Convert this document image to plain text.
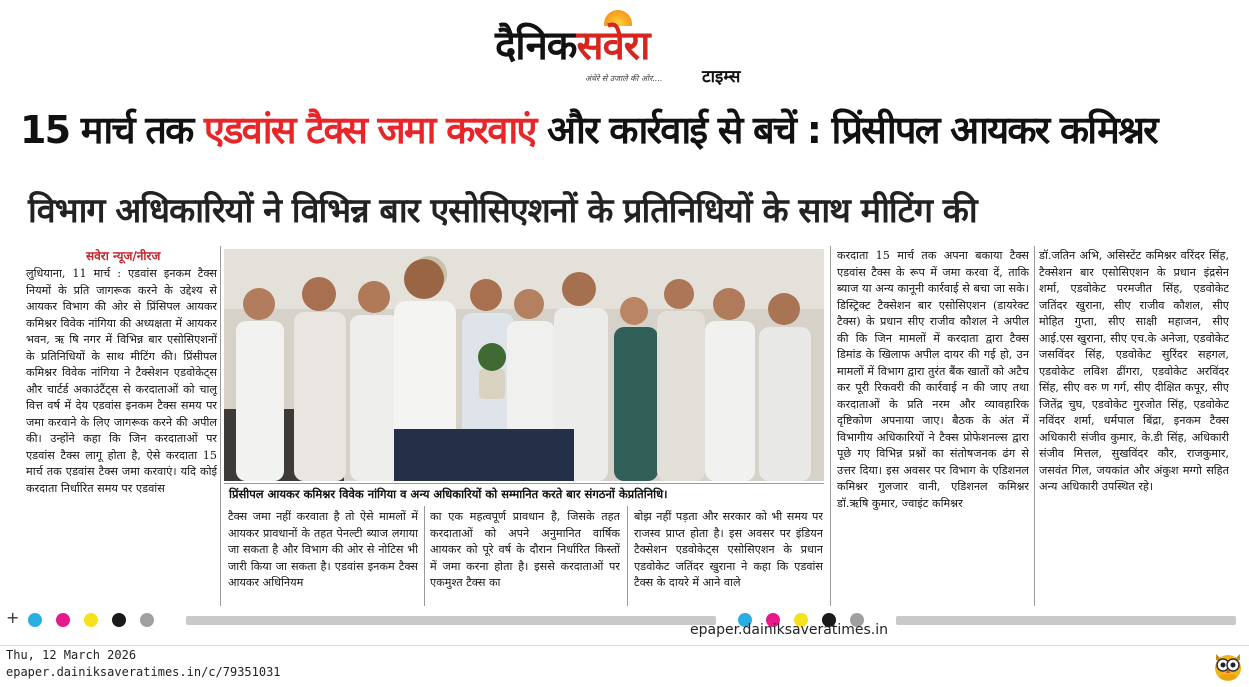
दैनिकसवेरा
अंधेरे से उजाले की ओर.... टाइम्स
15 मार्च तक एडवांस टैक्स जमा करवाएं और कार्रवाई से बचें : प्रिंसीपल आयकर कमिश्नर
विभाग अधिकारियों ने विभिन्न बार एसोसिएशनों के प्रतिनिधियों के साथ मीटिंग की
सवेरा न्यूज/नीरज
लुधियाना, 11 मार्च : एडवांस इनकम टैक्स नियमों के प्रति जागरूक करने के उद्देश्य से आयकर विभाग की ओर से प्रिंसिपल आयकर कमिश्नर विवेक नांगिया की अध्यक्षता में आयकर भवन, ऋ षि नगर में विभिन्न बार एसोसिएशनों के प्रतिनिधियों के साथ मीटिंग की। प्रिंसीपल कमिश्नर विवेक नांगिया ने टैक्सेशन एडवोकेट्स और चार्टर्ड अकाउंटैंट्स से करदाताओं को चालू वित्त वर्ष में देय एडवांस इनकम टैक्स समय पर जमा करवाने के लिए जागरूक करने की अपील की। उन्होंने कहा कि जिन करदाताओं पर एडवांस टैक्स लागू होता है, ऐसे करदाता 15 मार्च तक एडवांस टैक्स जमा करवाएं। यदि कोई करदाता निर्धारित समय पर एडवांस	प्रिंसीपल आयकर कमिश्नर विवेक नांगिया व अन्य अधिकारियों को सम्मानित करते बार संगठनों केप्रतिनिधि।
टैक्स जमा नहीं करवाता है तो ऐसे मामलों में आयकर प्रावधानों के तहत पेनल्टी ब्याज लगाया जा सकता है और विभाग की ओर से नोटिस भी जारी किया जा सकता है। एडवांस इनकम टैक्स आयकर अधिनियम
का एक महत्वपूर्ण प्रावधान है, जिसके तहत करदाताओं को अपने अनुमानित वार्षिक आयकर को पूरे वर्ष के दौरान निर्धारित किस्तों में जमा करना होता है। इससे करदाताओं पर एकमुश्त टैक्स का
बोझ नहीं पड़ता और सरकार को भी समय पर राजस्व प्राप्त होता है। इस अवसर पर इंडियन टैक्सेशन एडवोकेट्स एसोसिएशन के प्रधान एडवोकेट जतिंदर खुराना ने कहा कि एडवांस टैक्स के दायरे में आने वाले
करदाता 15 मार्च तक अपना बकाया टैक्स एडवांस टैक्स के रूप में जमा करवा दें, ताकि ब्याज या अन्य कानूनी कार्रवाई से बचा जा सके। डिस्ट्रिक्ट टैक्सेशन बार एसोसिएशन (डायरेक्ट टैक्स) के प्रधान सीए राजीव कौशल ने अपील की कि जिन मामलों में करदाता द्वारा टैक्स डिमांड के खिलाफ अपील दायर की गई हो, उन मामलों में विभाग द्वारा तुरंत बैंक खातों को अटैच कर पूरी रिकवरी की कार्रवाई न की जाए तथा करदाताओं के प्रति नरम और व्यावहारिक दृष्टिकोण अपनाया जाए। बैठक के अंत में विभागीय अधिकारियों ने टैक्स प्रोफेशनल्स द्वारा पूछे गए विभिन्न प्रश्नों का संतोषजनक ढंग से उत्तर दिया। इस अवसर पर विभाग के एडिशनल कमिश्नर गुलजार वानी, एडिशनल कमिश्नर डॉ.ऋषि कुमार, ज्वाइंट कमिश्नर
डॉ.जतिन अभि, असिस्टेंट कमिश्नर वरिंदर सिंह, टैक्सेशन बार एसोसिएशन के प्रधान इंद्रसेन शर्मा, एडवोकेट परमजीत सिंह, एडवोकेट जतिंदर खुराना, सीए राजीव कौशल, सीए मोहित गुप्ता, सीए साक्षी महाजन, सीए आई.एस खुराना, सीए एच.के अनेजा, एडवोकेट जसविंदर सिंह, एडवोकेट सुरिंदर सहगल, एडवोकेट लविश ढींगरा, एडवोकेट अरविंदर सिंह, सीए वरु ण गर्ग, सीए दीक्षित कपूर, सीए जितेंद्र चुघ, एडवोकेट गुरजोत सिंह, एडवोकेट नविंदर शर्मा, धर्मपाल बिंद्रा, इनकम टैक्स अधिकारी संजीव कुमार, के.डी सिंह, अधिकारी संजीव मित्तल, सुखविंदर कौर, राजकुमार, जसवंत गिल, जयकांत और अंकुश मग्गो सहित अन्य अधिकारी उपस्थित रहे।
+
epaper.dainiksaveratimes.in
Thu, 12 March 2026
epaper.dainiksaveratimes.in/c/79351031
